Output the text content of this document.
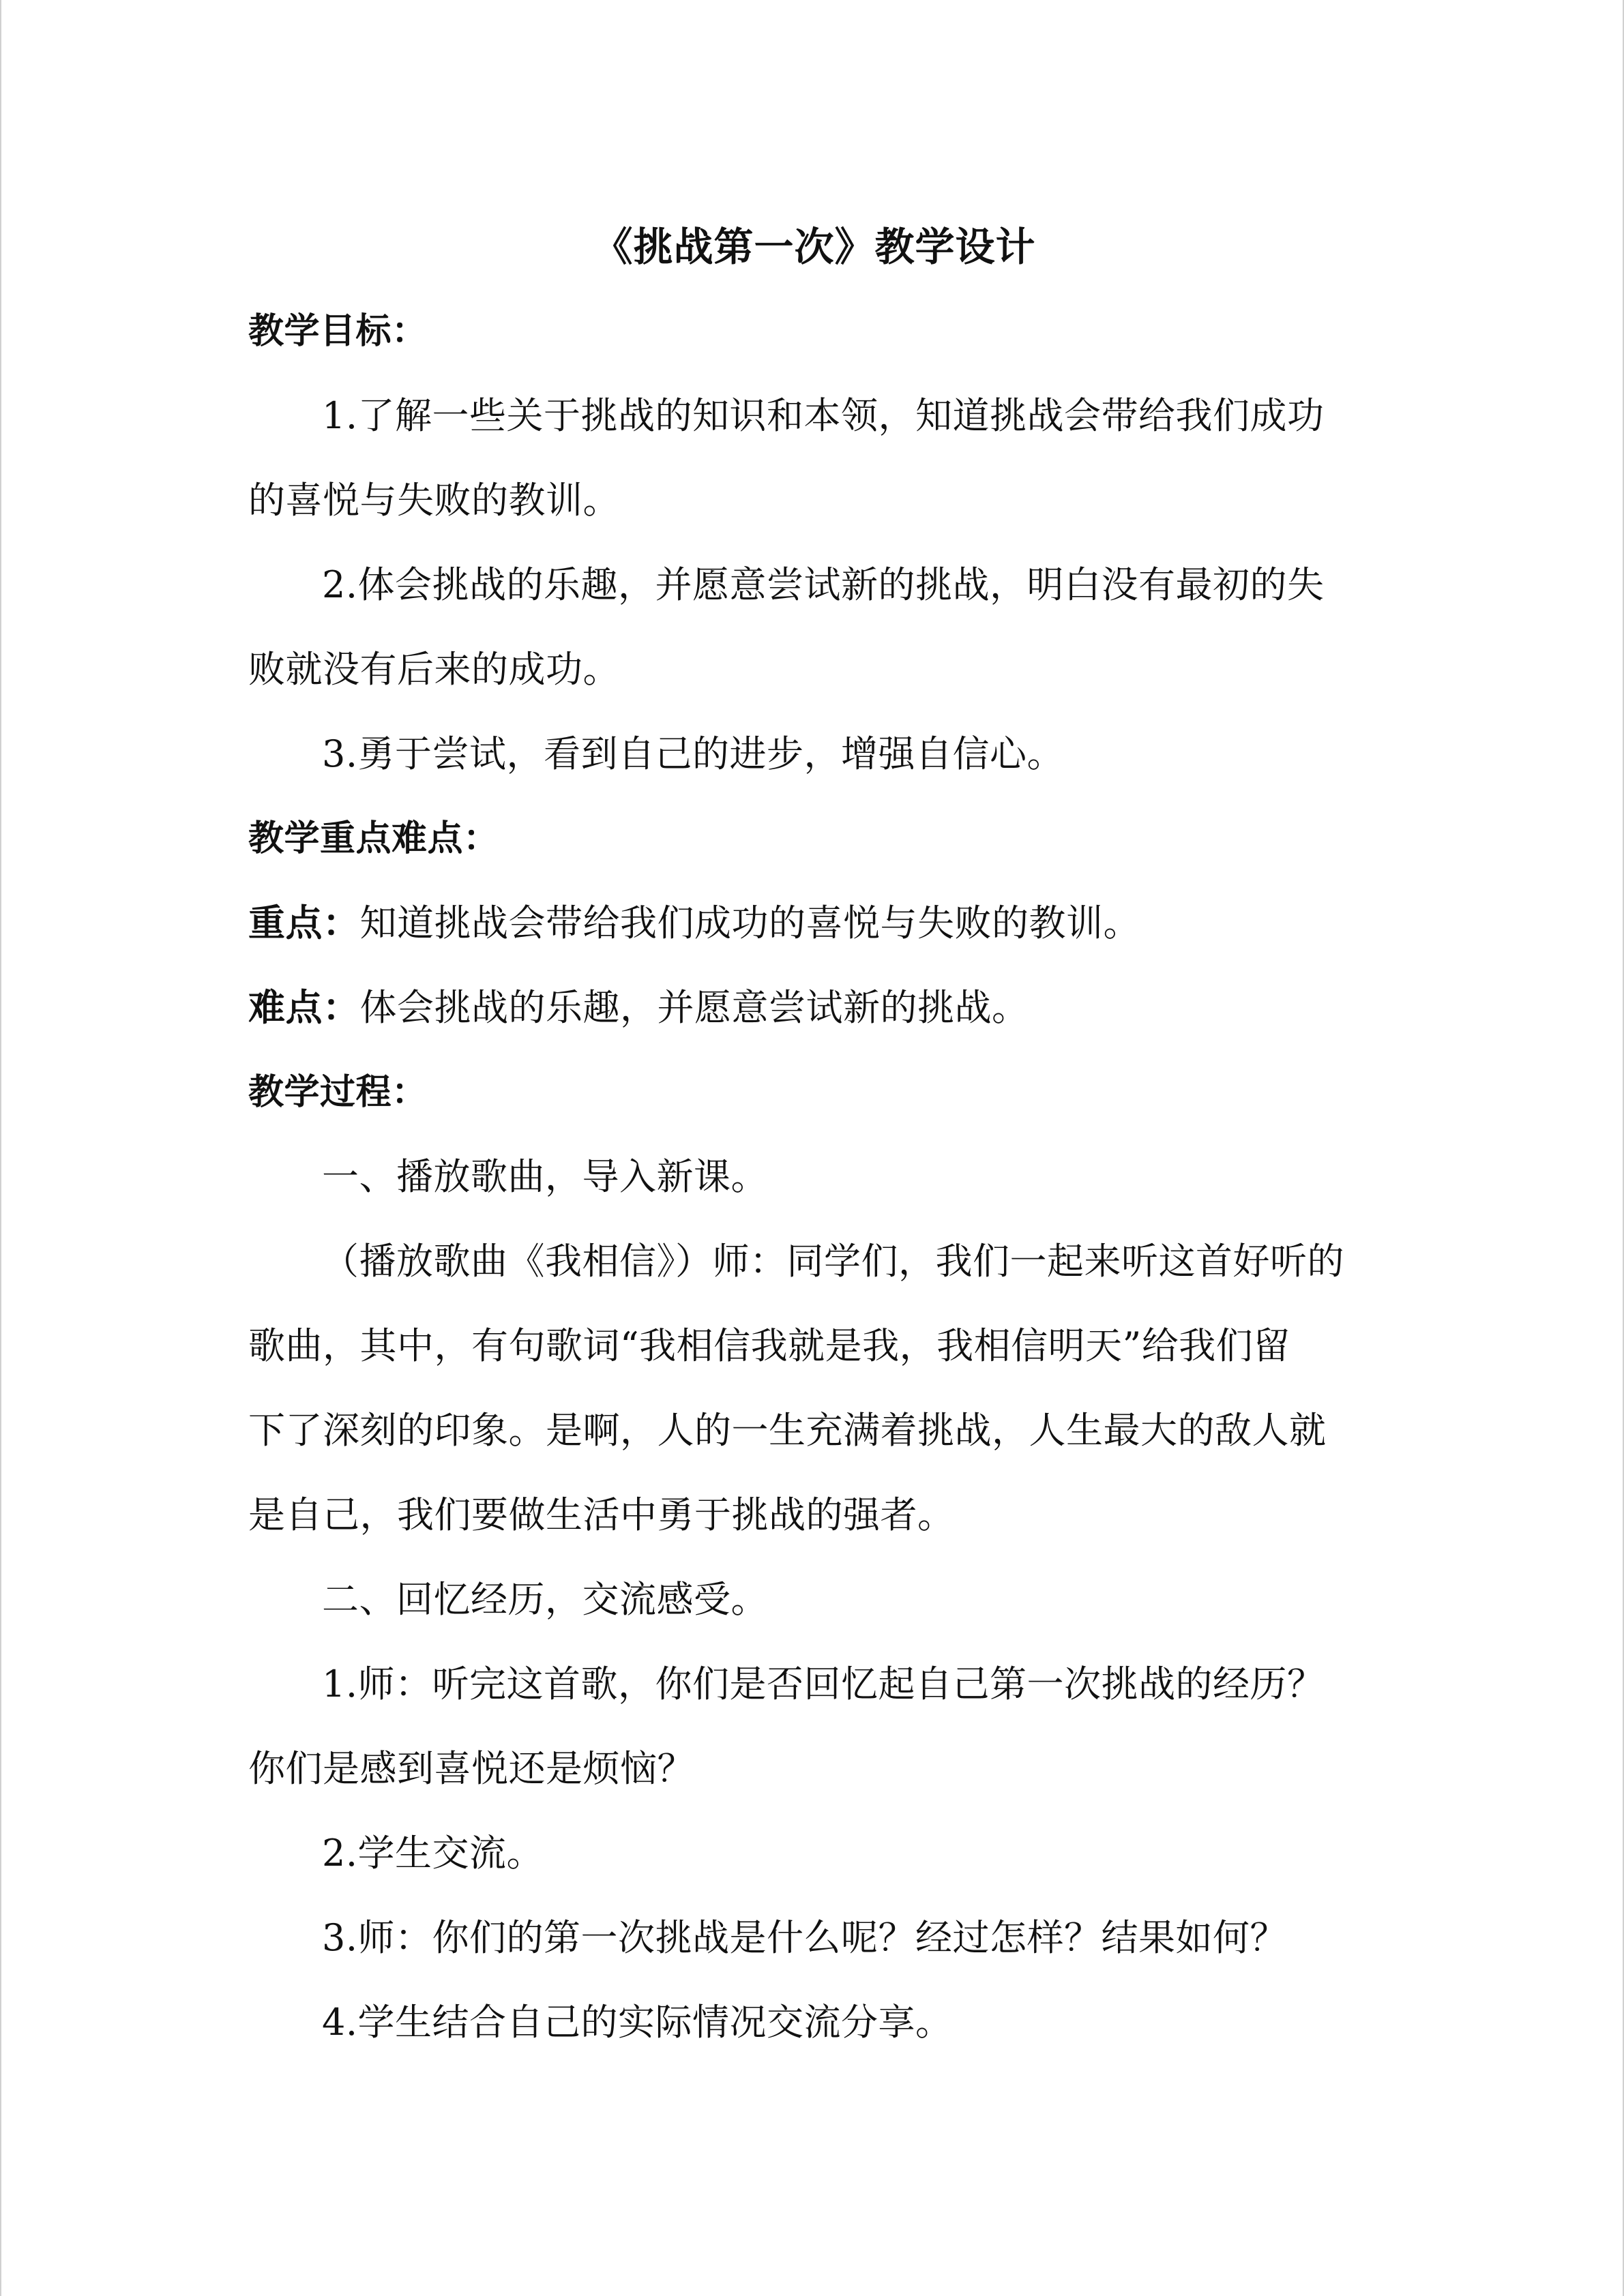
《挑战第一次》教学设计
教学目标：
1.了解一些关于挑战的知识和本领，知道挑战会带给我们成功
的喜悦与失败的教训。
2.体会挑战的乐趣，并愿意尝试新的挑战，明白没有最初的失
败就没有后来的成功。
3.勇于尝试，看到自己的进步，增强自信心。
教学重点难点：
重点：知道挑战会带给我们成功的喜悦与失败的教训。
难点：体会挑战的乐趣，并愿意尝试新的挑战。
教学过程：
一、播放歌曲，导入新课。
（播放歌曲《我相信》）师：同学们，我们一起来听这首好听的
歌曲，其中，有句歌词“我相信我就是我，我相信明天”给我们留
下了深刻的印象。是啊，人的一生充满着挑战，人生最大的敌人就
是自己，我们要做生活中勇于挑战的强者。
二、回忆经历，交流感受。
1.师：听完这首歌，你们是否回忆起自己第一次挑战的经历？
你们是感到喜悦还是烦恼？
2.学生交流。
3.师：你们的第一次挑战是什么呢？经过怎样？结果如何？
4.学生结合自己的实际情况交流分享。
